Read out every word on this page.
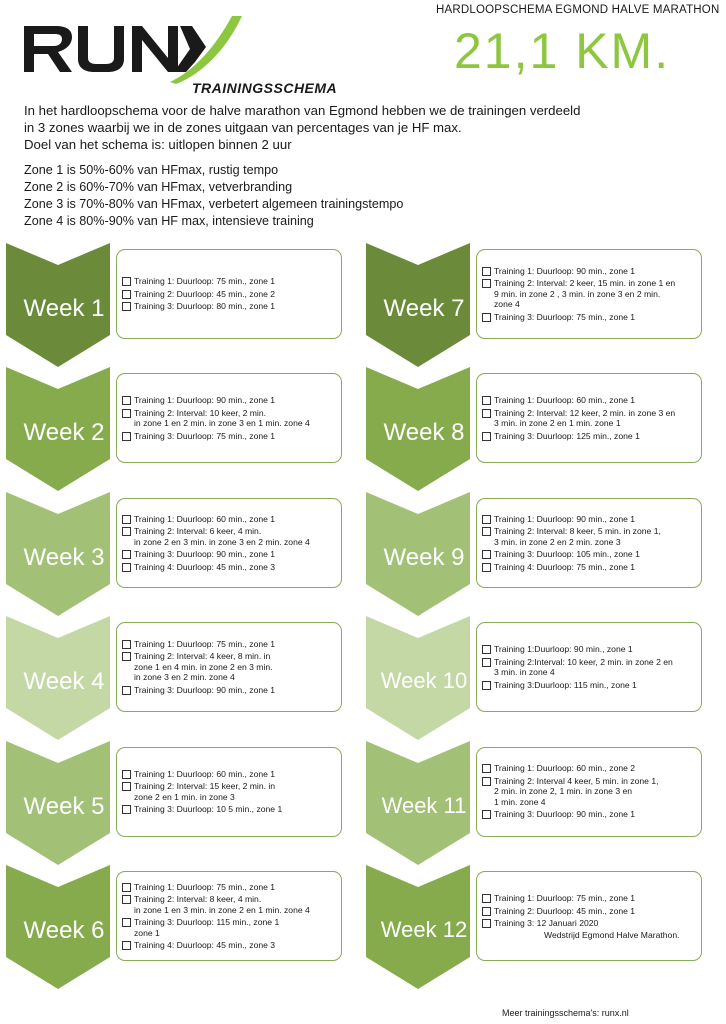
TRAININGSSCHEMA
HARDLOOPSCHEMA EGMOND HALVE MARATHON
21,1 KM.

In het hardloopschema voor de halve marathon van Egmond hebben we de trainingen verdeeld

in 3 zones waarbij we in de zones uitgaan van percentages van je HF max.

Doel van het schema is: uitlopen binnen 2 uur

Zone 1 is 50%-60% van HFmax, rustig tempo

Zone 2 is 60%-70% van HFmax, vetverbranding

Zone 3 is 70%-80% van HFmax, verbetert algemeen trainingstempo

Zone 4 is 80%-90% van HF max, intensieve training

Week 1
Training 1: Duurloop: 75 min., zone 1
Training 2: Duurloop: 45 min., zone 2
Training 3: Duurloop: 80 min., zone 1
Week 2
Training 1: Duurloop: 90 min., zone 1
Training 2: Interval: 10 keer, 2 min.
in zone 1 en 2 min. in zone 3 en 1 min. zone 4
Training 3: Duurloop: 75 min., zone 1
Week 3
Training 1: Duurloop: 60 min., zone 1
Training 2: Interval: 6 keer, 4 min.
in zone 2 en 3 min. in zone 3 en 2 min. zone 4
Training 3: Duurloop: 90 min., zone 1
Training 4: Duurloop: 45 min., zone 3
Week 4
Training 1: Duurloop: 75 min., zone 1
Training 2: Interval: 4 keer, 8 min. in
zone 1 en 4 min. in zone 2 en 3 min.
in zone 3 en 2 min. zone 4
Training 3: Duurloop: 90 min., zone 1
Week 5
Training 1: Duurloop: 60 min., zone 1
Training 2: Interval: 15 keer, 2 min. in
zone 2 en 1 min. in zone 3
Training 3: Duurloop: 10 5 min., zone 1
Week 6
Training 1: Duurloop: 75 min., zone 1
Training 2: Interval: 8 keer, 4 min.
in zone 1 en 3 min. in zone 2 en 1 min. zone 4
Training 3: Duurloop: 115 min., zone 1
zone 1
Training 4: Duurloop: 45 min., zone 3
Week 7
Training 1: Duurloop: 90 min., zone 1
Training 2: Interval: 2 keer, 15 min. in zone 1 en
9 min. in zone 2 , 3 min. in zone 3 en 2 min.
zone 4
Training 3: Duurloop: 75 min., zone 1
Week 8
Training 1: Duurloop: 60 min., zone 1
Training 2: Interval: 12 keer, 2 min. in zone 3 en
3 min. in zone 2 en 1 min. zone 1
Training 3: Duurloop: 125 min., zone 1
Week 9
Training 1: Duurloop: 90 min., zone 1
Training 2: Interval: 8 keer, 5 min. in zone 1,
3 min. in zone 2 en 2 min. zone 3
Training 3: Duurloop: 105 min., zone 1
Training 4: Duurloop: 75 min., zone 1
Week 10
Training 1:Duurloop: 90 min., zone 1
Training 2:Interval: 10 keer, 2 min. in zone 2 en
3 min. in zone 4
Training 3:Duurloop: 115 min., zone 1
Week 11
Training 1: Duurloop: 60 min., zone 2
Training 2: Interval 4 keer, 5 min. in zone 1,
2 min. in zone 2, 1 min. in zone 3 en
1 min. zone 4
Training 3: Duurloop: 90 min., zone 1
Week 12
Training 1: Duurloop: 75 min., zone 1
Training 2: Duurloop: 45 min., zone 1
Training 3: 12 Januari 2020
Wedstrijd Egmond Halve Marathon.
Meer trainingsschema's: runx.nl
